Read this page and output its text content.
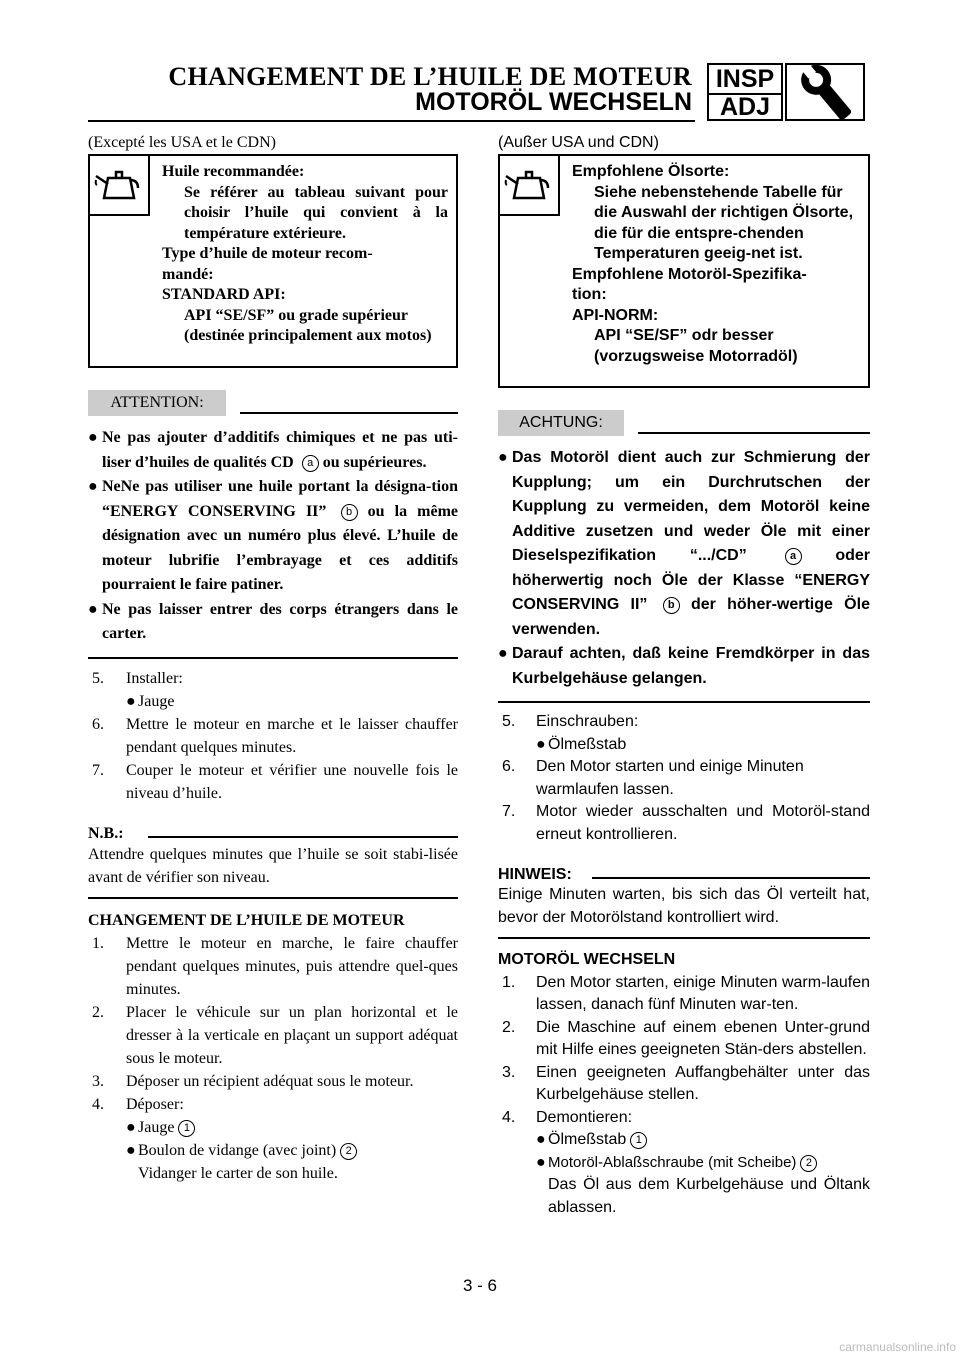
CHANGEMENT DE L’HUILE DE MOTEUR
MOTORÖL WECHSELN
INSP
ADJ
(Excepté les USA et le CDN)
Huile recommandée:
Se référer au tableau suivant pour choisir l’huile qui convient à la température extérieure.
Type d’huile de moteur recom-
mandé:
STANDARD API:
API “SE/SF” ou grade supérieur (destinée principalement aux motos)
ATTENTION:
● Ne pas ajouter d’additifs chimiques et ne pas uti-liser d’huiles de qualités CD a ou supérieures.
● NeNe pas utiliser une huile portant la désigna-tion “ENERGY CONSERVING II” b ou la même désignation avec un numéro plus élevé. L’huile de moteur lubrifie l’embrayage et ces additifs pourraient le faire patiner.
● Ne pas laisser entrer des corps étrangers dans le carter.
5.	Installer:
● Jauge
6.	Mettre le moteur en marche et le laisser chauffer pendant quelques minutes.
7.	Couper le moteur et vérifier une nouvelle fois le niveau d’huile.
N.B.:
Attendre quelques minutes que l’huile se soit stabi-lisée avant de vérifier son niveau.
CHANGEMENT DE L’HUILE DE MOTEUR
1.	Mettre le moteur en marche, le faire chauffer pendant quelques minutes, puis attendre quel-ques minutes.
2.	Placer le véhicule sur un plan horizontal et le dresser à la verticale en plaçant un support adéquat sous le moteur.
3.	Déposer un récipient adéquat sous le moteur.
4.	Déposer:
● Jauge 1
● Boulon de vidange (avec joint) 2
Vidanger le carter de son huile.
(Außer USA und CDN)
Empfohlene Ölsorte:
Siehe nebenstehende Tabelle für die Auswahl der richtigen Ölsorte, die für die entspre-chenden Temperaturen geeig-net ist.
Empfohlene Motoröl-Spezifika-
tion:
API-NORM:
API “SE/SF” odr besser (vorzugsweise Motorradöl)
ACHTUNG:
● Das Motoröl dient auch zur Schmierung der Kupplung; um ein Durchrutschen der Kupplung zu vermeiden, dem Motoröl keine Additive zusetzen und weder Öle mit einer Dieselspezifikation “.../CD”	a oder höherwertig noch Öle der Klasse “ENERGY CONSERVING II” b der höher-wertige Öle verwenden.
● Darauf achten, daß keine Fremdkörper in das Kurbelgehäuse gelangen.
5.	Einschrauben:
● Ölmeßstab
6.	Den Motor starten und einige Minuten warmlaufen lassen.
7.	Motor wieder ausschalten und Motoröl-stand erneut kontrollieren.
HINWEIS:
Einige Minuten warten, bis sich das Öl verteilt hat, bevor der Motorölstand kontrolliert wird.
MOTORÖL WECHSELN
1.	Den Motor starten, einige Minuten warm-laufen lassen, danach fünf Minuten war-ten.
2.	Die Maschine auf einem ebenen Unter-grund mit Hilfe eines geeigneten Stän-ders abstellen.
3.	Einen geeigneten Auffangbehälter unter das Kurbelgehäuse stellen.
4.	Demontieren:
● Ölmeßstab 1
● Motoröl-Ablaßschraube (mit Scheibe) 2
Das Öl aus dem Kurbelgehäuse und Öltank ablassen.
3 - 6
carmanualsonline.info
